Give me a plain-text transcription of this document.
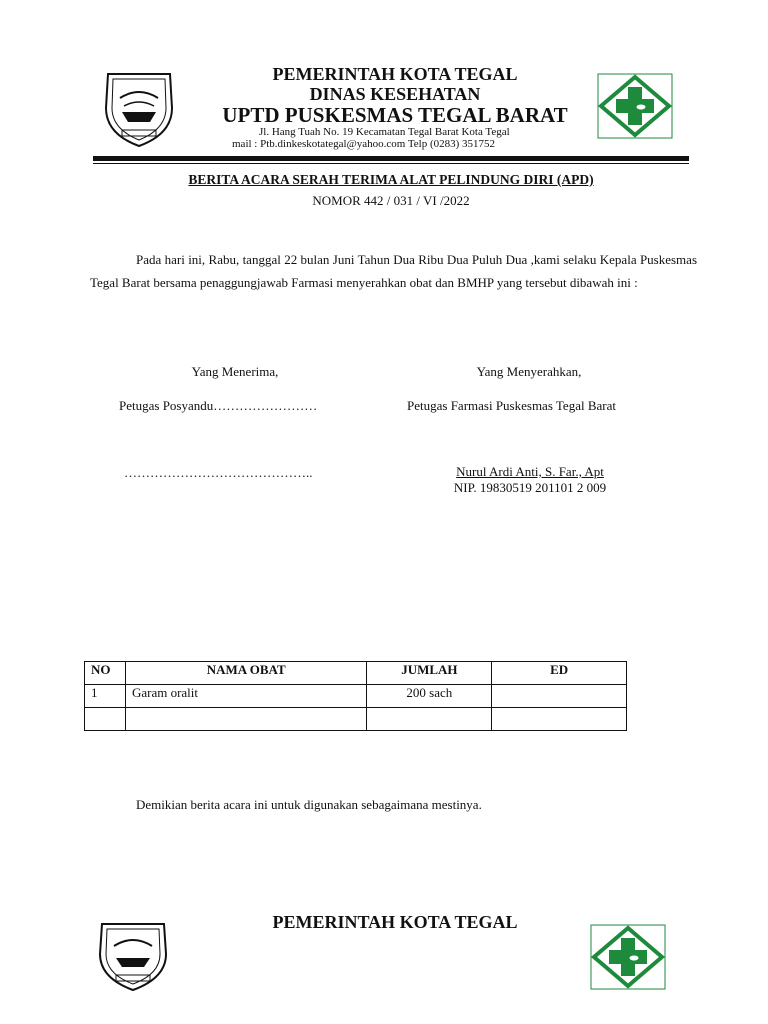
PEMERINTAH KOTA TEGAL
DINAS KESEHATAN
UPTD PUSKESMAS TEGAL BARAT
Jl. Hang Tuah No. 19 Kecamatan Tegal Barat Kota Tegal
mail : Ptb.dinkeskotategal@yahoo.com Telp (0283) 351752
BERITA ACARA SERAH TERIMA ALAT PELINDUNG DIRI (APD)
NOMOR 442 / 031 / VI /2022
Pada hari ini, Rabu, tanggal 22 bulan Juni Tahun Dua Ribu Dua Puluh Dua ,kami selaku Kepala Puskesmas Tegal Barat bersama penaggungjawab Farmasi menyerahkan obat dan BMHP yang tersebut dibawah ini :
Yang Menerima,
Petugas Posyandu……………………
……………………………………..
Yang Menyerahkan,
Petugas Farmasi Puskesmas Tegal Barat
Nurul Ardi Anti, S. Far., Apt
NIP. 19830519 201101 2 009
NO	NAMA OBAT	JUMLAH	ED
1	Garam oralit	200 sach	

Demikian berita acara ini untuk digunakan sebagaimana mestinya.
PEMERINTAH KOTA TEGAL
